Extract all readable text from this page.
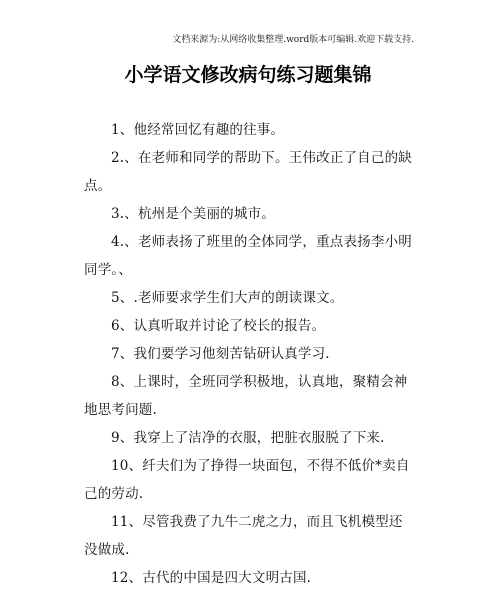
文档来源为:从网络收集整理.word版本可编辑.欢迎下载支持.
小学语文修改病句练习题集锦
1、他经常回忆有趣的往事。
2.、在老师和同学的帮助下。王伟改正了自己的缺点。
3.、杭州是个美丽的城市。
4.、老师表扬了班里的全体同学，重点表扬李小明同学。、
5、.老师要求学生们大声的朗读课文。
6、认真听取并讨论了校长的报告。
7、我们要学习他刻苦钻研认真学习.
8、上课时，全班同学积极地，认真地，聚精会神地思考问题.
9、我穿上了洁净的衣服，把脏衣服脱了下来.
10、纤夫们为了挣得一块面包，不得不低价*卖自己的劳动.
11、尽管我费了九牛二虎之力，而且飞机模型还没做成.
12、古代的中国是四大文明古国.
